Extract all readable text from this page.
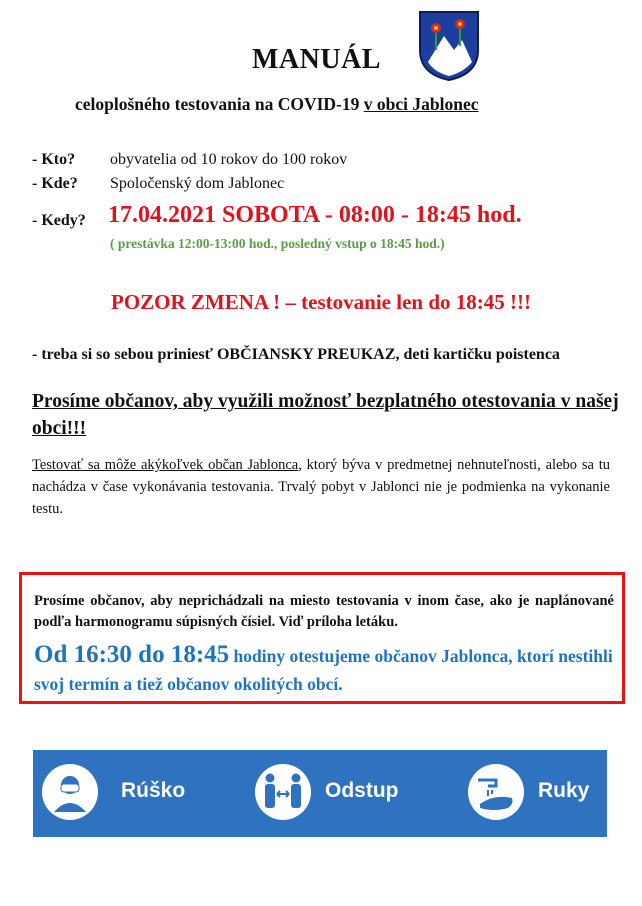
MANUÁL
celoplošného testovania na COVID-19 v obci Jablonec
- Kto? obyvatelia od 10 rokov do 100 rokov
- Kde? Spoločenský dom Jablonec
- Kedy? 17.04.2021 SOBOTA - 08:00 - 18:45 hod.
( prestávka 12:00-13:00 hod., posledný vstup o 18:45 hod.)
POZOR ZMENA ! – testovanie len do 18:45 !!!
- treba si so sebou priniesť OBČIANSKY PREUKAZ, deti kartičku poistenca
Prosíme občanov, aby využili možnosť bezplatného otestovania v našej obci!!!
Testovať sa môže akýkoľvek občan Jablonca, ktorý býva v predmetnej nehnuteľnosti, alebo sa tu nachádza v čase vykonávania testovania. Trvalý pobyt v Jablonci nie je podmienka na vykonanie testu.
Prosíme občanov, aby neprichádzali na miesto testovania v inom čase, ako je naplánované podľa harmonogramu súpisných čísiel. Viď príloha letáku.
Od 16:30 do 18:45 hodiny otestujeme občanov Jablonca, ktorí nestihli svoj termín a tiež občanov okolitých obcí.
Rúško	Odstup	Ruky
